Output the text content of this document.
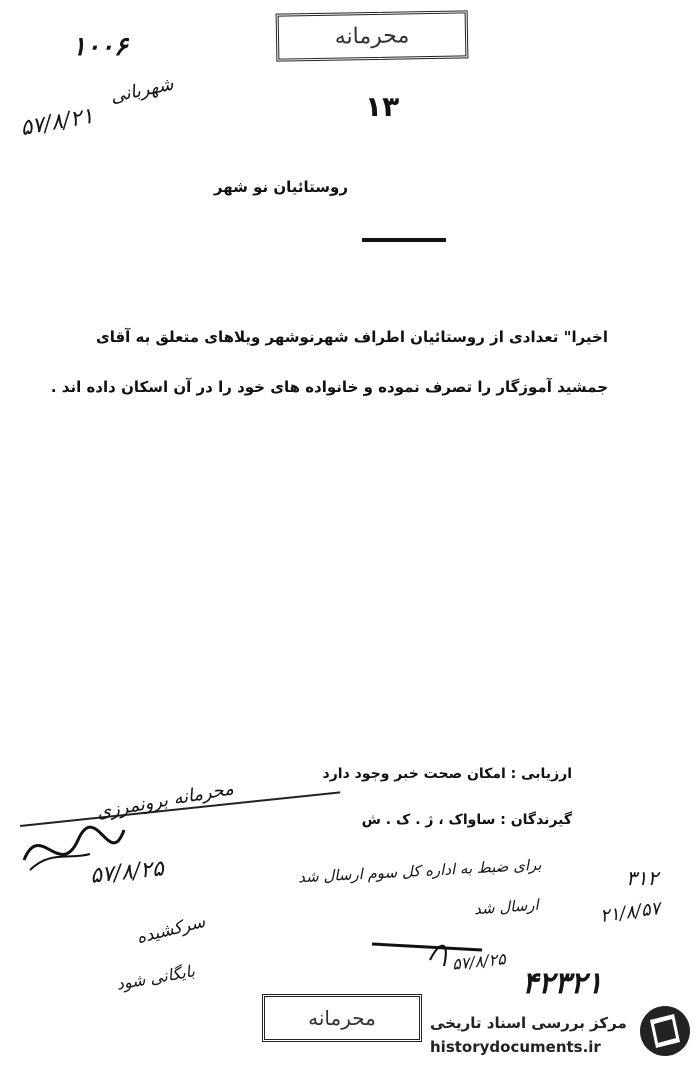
محرمانه
۱۰۰۶
شهربانی
۵۷/۸/۲۱	۱۳
روستائیان نو شهر

اخیرا" تعدادی از روستائیان اطراف شهرنوشهر ویلاهای متعلق به آقای

جمشید آموزگار را تصرف نموده و خانواده های خود را در آن اسکان داده اند .

ارزیابی : امکان صحت خبر وجود دارد
گیرندگان : ساواک ، ژ . ک . ش
محرمانه برونمرزی
۵۷/۸/۲۵	برای ضبط به اداره کل سوم ارسال شد	۳۱۲
۲۱/۸/۵۷
ارسال شد
سرکشیده
۵۷/۸/۲۵
بایگانی شود	۴۲۳۲۱
محرمانه	مرکز بررسی اسناد تاریخی
historydocuments.ir
